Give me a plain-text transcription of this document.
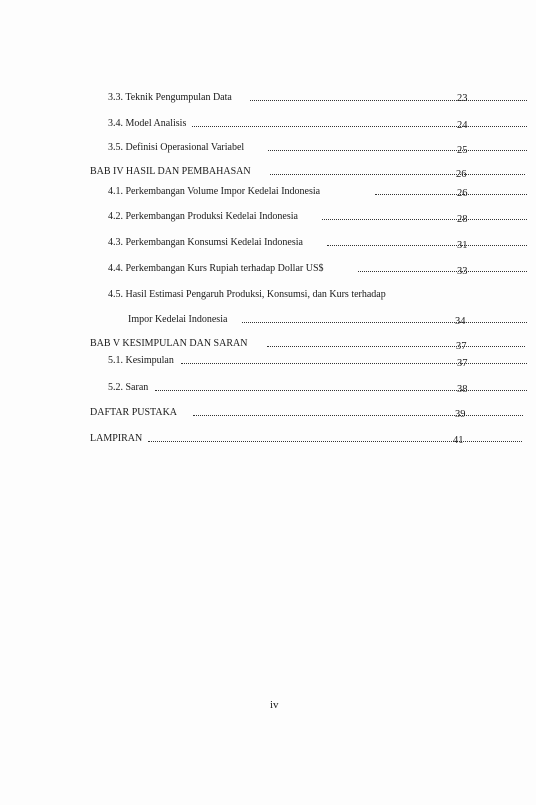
3.3. Teknik Pengumpulan Data	23
3.4. Model Analisis	24
3.5. Definisi Operasional Variabel	25
BAB IV HASIL DAN PEMBAHASAN	26
4.1. Perkembangan Volume Impor Kedelai Indonesia	26
4.2. Perkembangan Produksi Kedelai Indonesia	28
4.3. Perkembangan Konsumsi Kedelai Indonesia	31
4.4. Perkembangan Kurs Rupiah terhadap Dollar US$	33
4.5. Hasil Estimasi Pengaruh Produksi, Konsumsi, dan Kurs terhadap
Impor Kedelai Indonesia	34
BAB V KESIMPULAN DAN SARAN	37
5.1. Kesimpulan	37
5.2. Saran	38
DAFTAR PUSTAKA	39
LAMPIRAN	41
iv
